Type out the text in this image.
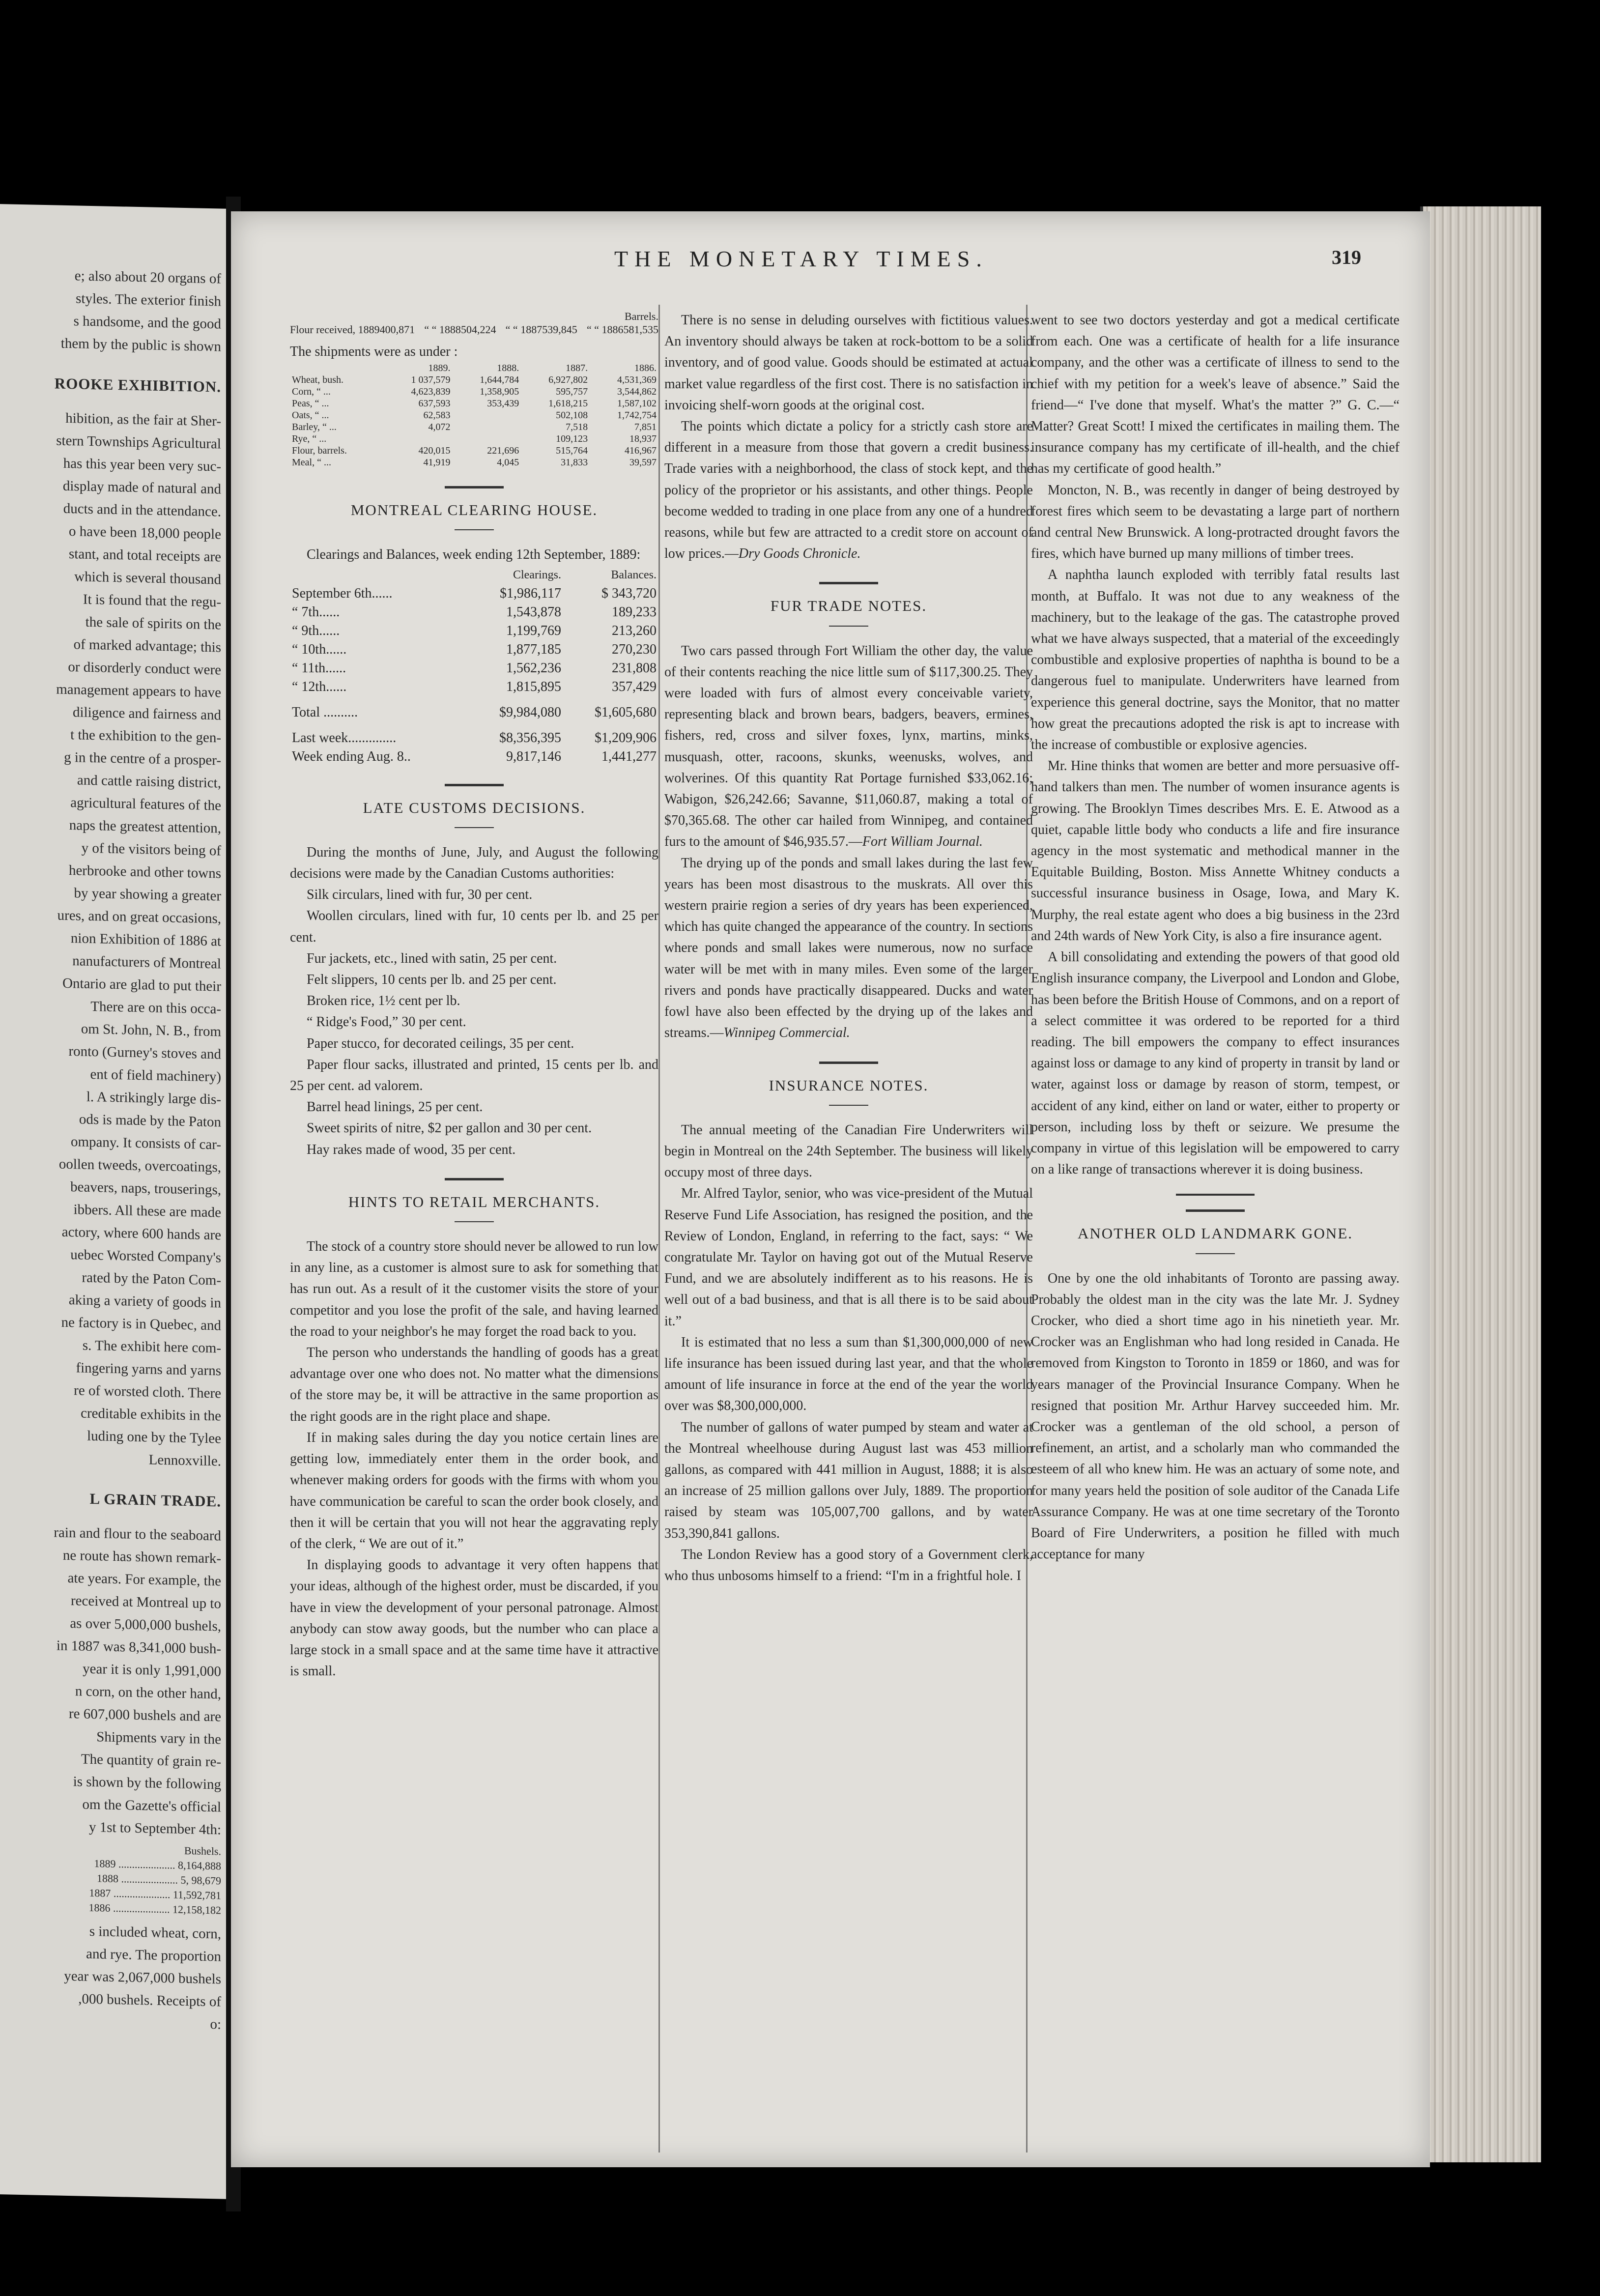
e; also about 20 organs of

styles. The exterior finish

s handsome, and the good

them by the public is shown

ROOKE EXHIBITION.

hibition, as the fair at Sher-

stern Townships Agricultural

has this year been very suc-

display made of natural and

ducts and in the attendance.

o have been 18,000 people

stant, and total receipts are

which is several thousand

It is found that the regu-

the sale of spirits on the

of marked advantage; this

or disorderly conduct were

management appears to have

diligence and fairness and

t the exhibition to the gen-

g in the centre of a prosper-

and cattle raising district,

agricultural features of the

naps the greatest attention,

y of the visitors being of

herbrooke and other towns

by year showing a greater

ures, and on great occasions,

nion Exhibition of 1886 at

nanufacturers of Montreal

Ontario are glad to put their

There are on this occa-

om St. John, N. B., from

ronto (Gurney's stoves and

ent of field machinery)

l. A strikingly large dis-

ods is made by the Paton

ompany. It consists of car-

oollen tweeds, overcoatings,

beavers, naps, trouserings,

ibbers. All these are made

actory, where 600 hands are

uebec Worsted Company's

rated by the Paton Com-

aking a variety of goods in

ne factory is in Quebec, and

s. The exhibit here com-

fingering yarns and yarns

re of worsted cloth. There

creditable exhibits in the

luding one by the Tylee

Lennoxville.

L GRAIN TRADE.

rain and flour to the seaboard

ne route has shown remark-

ate years. For example, the

received at Montreal up to

as over 5,000,000 bushels,

in 1887 was 8,341,000 bush-

year it is only 1,991,000

n corn, on the other hand,

re 607,000 bushels and are

Shipments vary in the

The quantity of grain re-

is shown by the following

om the Gazette's official

y 1st to September 4th:

Bushels.
1889 ..................... 8,164,888
1888 ..................... 5, 98,679
1887 ..................... 11,592,781
1886 ..................... 12,158,182

s included wheat, corn,

and rye. The proportion

year was 2,067,000 bushels

,000 bushels. Receipts of

o:

THE MONETARY TIMES.	319
Barrels.
Flour received, 1889 400,871 “ “ 1888 504,224 “ “ 1887 539,845 “ “ 1886 581,535

The shipments were as under :

	1889.	1888.	1887.	1886.
Wheat, bush.	1 037,579	1,644,784	6,927,802	4,531,369
Corn, “ ...	4,623,839	1,358,905	595,757	3,544,862
Peas, “ ...	637,593	353,439	1,618,215	1,587,102
Oats, “ ...	62,583		502,108	1,742,754
Barley, “ ...	4,072		7,518	7,851
Rye, “ ...			109,123	18,937
Flour, barrels.	420,015	221,696	515,764	416,967
Meal, “ ...	41,919	4,045	31,833	39,597
MONTREAL CLEARING HOUSE.

Clearings and Balances, week ending 12th September, 1889:

	Clearings.	Balances.
September 6th......	$1,986,117	$ 343,720
“ 7th......	1,543,878	189,233
“ 9th......	1,199,769	213,260
“ 10th......	1,877,185	270,230
“ 11th......	1,562,236	231,808
“ 12th......	1,815,895	357,429
Total ..........	$9,984,080	$1,605,680
Last week..............	$8,356,395	$1,209,906
Week ending Aug. 8..	9,817,146	1,441,277
LATE CUSTOMS DECISIONS.

During the months of June, July, and August the following decisions were made by the Canadian Customs authorities:

Silk circulars, lined with fur, 30 per cent.

Woollen circulars, lined with fur, 10 cents per lb. and 25 per cent.

Fur jackets, etc., lined with satin, 25 per cent.

Felt slippers, 10 cents per lb. and 25 per cent.

Broken rice, 1½ cent per lb.

“ Ridge's Food,” 30 per cent.

Paper stucco, for decorated ceilings, 35 per cent.

Paper flour sacks, illustrated and printed, 15 cents per lb. and 25 per cent. ad valorem.

Barrel head linings, 25 per cent.

Sweet spirits of nitre, $2 per gallon and 30 per cent.

Hay rakes made of wood, 35 per cent.

HINTS TO RETAIL MERCHANTS.

The stock of a country store should never be allowed to run low in any line, as a customer is almost sure to ask for something that has run out. As a result of it the customer visits the store of your competitor and you lose the profit of the sale, and having learned the road to your neighbor's he may forget the road back to you.

The person who understands the handling of goods has a great advantage over one who does not. No matter what the dimensions of the store may be, it will be attractive in the same proportion as the right goods are in the right place and shape.

If in making sales during the day you notice certain lines are getting low, immediately enter them in the order book, and whenever making orders for goods with the firms with whom you have communication be careful to scan the order book closely, and then it will be certain that you will not hear the aggravating reply of the clerk, “ We are out of it.”

In displaying goods to advantage it very often happens that your ideas, although of the highest order, must be discarded, if you have in view the development of your personal patronage. Almost anybody can stow away goods, but the number who can place a large stock in a small space and at the same time have it attractive is small.

There is no sense in deluding ourselves with fictitious values. An inventory should always be taken at rock-bottom to be a solid inventory, and of good value. Goods should be estimated at actual market value regardless of the first cost. There is no satisfaction in invoicing shelf-worn goods at the original cost.

The points which dictate a policy for a strictly cash store are different in a measure from those that govern a credit business. Trade varies with a neighborhood, the class of stock kept, and the policy of the proprietor or his assistants, and other things. People become wedded to trading in one place from any one of a hundred reasons, while but few are attracted to a credit store on account of low prices.—Dry Goods Chronicle.

FUR TRADE NOTES.

Two cars passed through Fort William the other day, the value of their contents reaching the nice little sum of $117,300.25. They were loaded with furs of almost every conceivable variety, representing black and brown bears, badgers, beavers, ermines, fishers, red, cross and silver foxes, lynx, martins, minks, musquash, otter, racoons, skunks, weenusks, wolves, and wolverines. Of this quantity Rat Portage furnished $33,062.16; Wabigon, $26,242.66; Savanne, $11,060.87, making a total of $70,365.68. The other car hailed from Winnipeg, and contained furs to the amount of $46,935.57.—Fort William Journal.

The drying up of the ponds and small lakes during the last few years has been most disastrous to the muskrats. All over this western prairie region a series of dry years has been experienced, which has quite changed the appearance of the country. In sections where ponds and small lakes were numerous, now no surface water will be met with in many miles. Even some of the larger rivers and ponds have practically disappeared. Ducks and water fowl have also been effected by the drying up of the lakes and streams.—Winnipeg Commercial.

INSURANCE NOTES.

The annual meeting of the Canadian Fire Underwriters will begin in Montreal on the 24th September. The business will likely occupy most of three days.

Mr. Alfred Taylor, senior, who was vice-president of the Mutual Reserve Fund Life Association, has resigned the position, and the Review of London, England, in referring to the fact, says: “ We congratulate Mr. Taylor on having got out of the Mutual Reserve Fund, and we are absolutely indifferent as to his reasons. He is well out of a bad business, and that is all there is to be said about it.”

It is estimated that no less a sum than $1,300,000,000 of new life insurance has been issued during last year, and that the whole amount of life insurance in force at the end of the year the world over was $8,300,000,000.

The number of gallons of water pumped by steam and water at the Montreal wheelhouse during August last was 453 million gallons, as compared with 441 million in August, 1888; it is also an increase of 25 million gallons over July, 1889. The proportion raised by steam was 105,007,700 gallons, and by water 353,390,841 gallons.

The London Review has a good story of a Government clerk, who thus unbosoms himself to a friend: “I'm in a frightful hole. I

went to see two doctors yesterday and got a medical certificate from each. One was a certificate of health for a life insurance company, and the other was a certificate of illness to send to the chief with my petition for a week's leave of absence.” Said the friend—“ I've done that myself. What's the matter ?” G. C.—“ Matter? Great Scott! I mixed the certificates in mailing them. The insurance company has my certificate of ill-health, and the chief has my certificate of good health.”

Moncton, N. B., was recently in danger of being destroyed by forest fires which seem to be devastating a large part of northern and central New Brunswick. A long-protracted drought favors the fires, which have burned up many millions of timber trees.

A naphtha launch exploded with terribly fatal results last month, at Buffalo. It was not due to any weakness of the machinery, but to the leakage of the gas. The catastrophe proved what we have always suspected, that a material of the exceedingly combustible and explosive properties of naphtha is bound to be a dangerous fuel to manipulate. Underwriters have learned from experience this general doctrine, says the Monitor, that no matter how great the precautions adopted the risk is apt to increase with the increase of combustible or explosive agencies.

Mr. Hine thinks that women are better and more persuasive off-hand talkers than men. The number of women insurance agents is growing. The Brooklyn Times describes Mrs. E. E. Atwood as a quiet, capable little body who conducts a life and fire insurance agency in the most systematic and methodical manner in the Equitable Building, Boston. Miss Annette Whitney conducts a successful insurance business in Osage, Iowa, and Mary K. Murphy, the real estate agent who does a big business in the 23rd and 24th wards of New York City, is also a fire insurance agent.

A bill consolidating and extending the powers of that good old English insurance company, the Liverpool and London and Globe, has been before the British House of Commons, and on a report of a select committee it was ordered to be reported for a third reading. The bill empowers the company to effect insurances against loss or damage to any kind of property in transit by land or water, against loss or damage by reason of storm, tempest, or accident of any kind, either on land or water, either to property or person, including loss by theft or seizure. We presume the company in virtue of this legislation will be empowered to carry on a like range of transactions wherever it is doing business.

ANOTHER OLD LANDMARK GONE.

One by one the old inhabitants of Toronto are passing away. Probably the oldest man in the city was the late Mr. J. Sydney Crocker, who died a short time ago in his ninetieth year. Mr. Crocker was an Englishman who had long resided in Canada. He removed from Kingston to Toronto in 1859 or 1860, and was for years manager of the Provincial Insurance Company. When he resigned that position Mr. Arthur Harvey succeeded him. Mr. Crocker was a gentleman of the old school, a person of refinement, an artist, and a scholarly man who commanded the esteem of all who knew him. He was an actuary of some note, and for many years held the position of sole auditor of the Canada Life Assurance Company. He was at one time secretary of the Toronto Board of Fire Underwriters, a position he filled with much acceptance for many
